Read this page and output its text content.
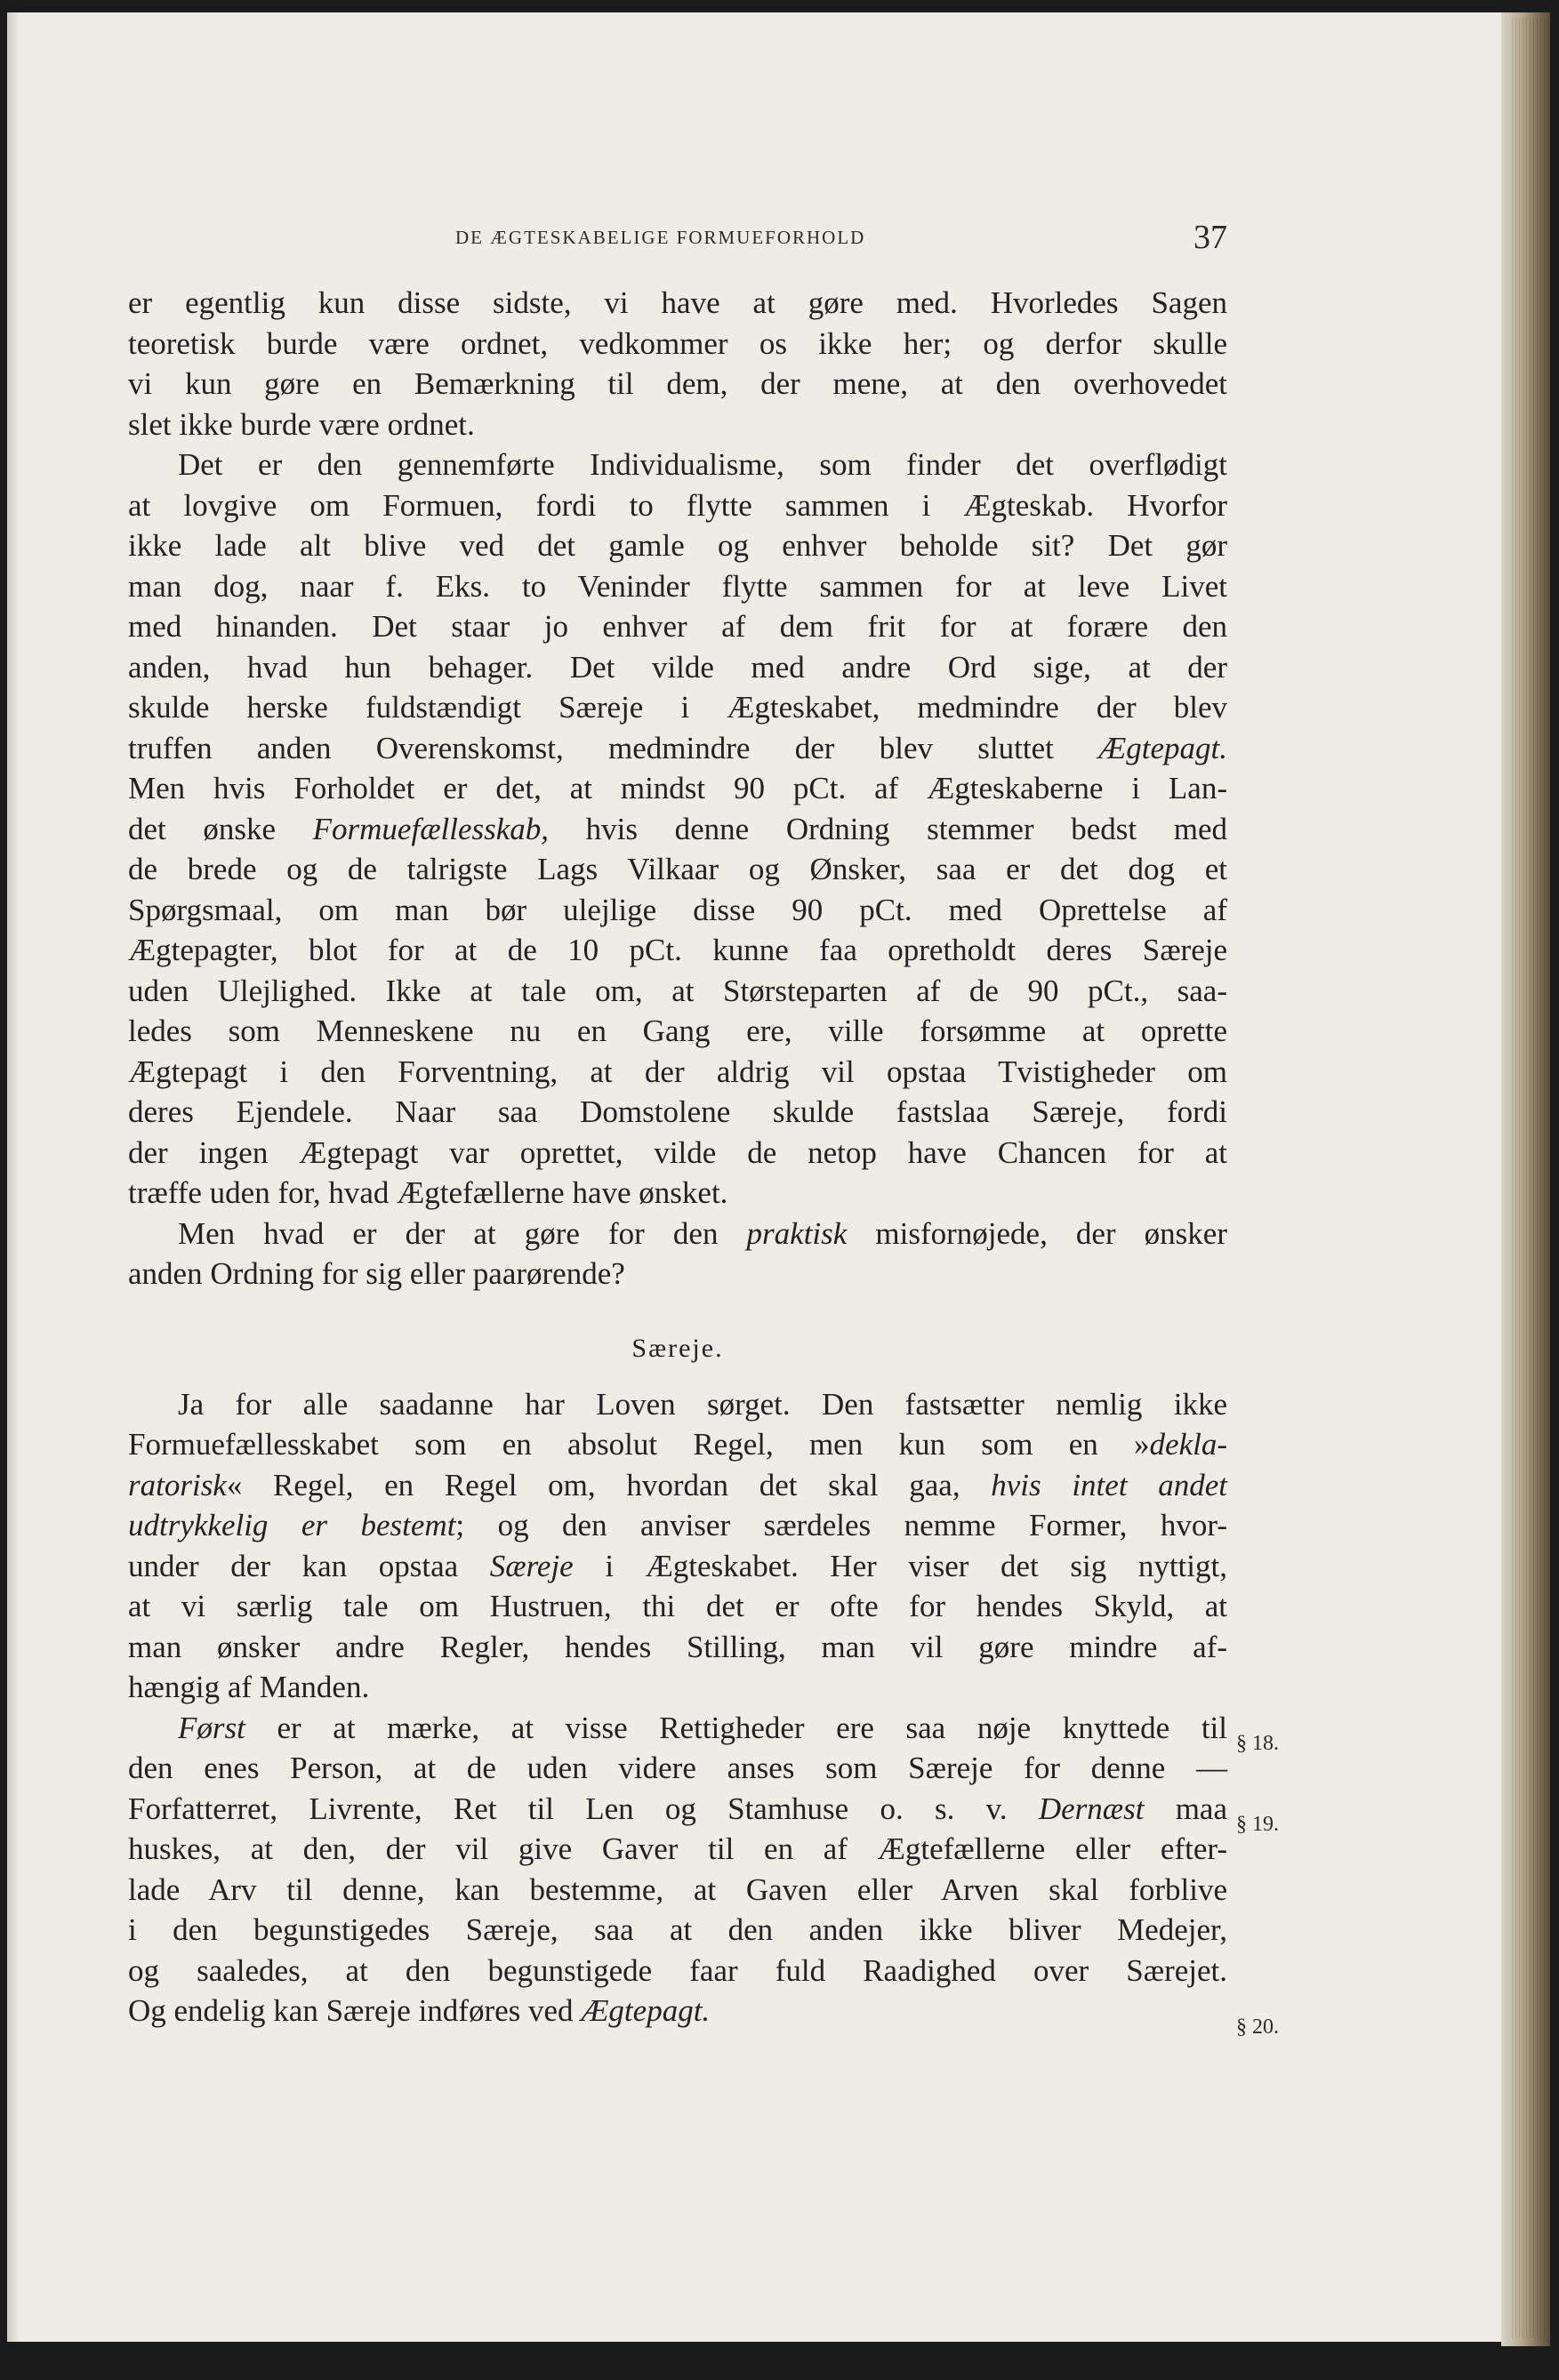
DE ÆGTESKABELIGE FORMUEFORHOLD	37
er egentlig kun disse sidste, vi have at gøre med. Hvorledes Sagen
teoretisk burde være ordnet, vedkommer os ikke her; og derfor skulle
vi kun gøre en Bemærkning til dem, der mene, at den overhovedet
slet ikke burde være ordnet.
Det er den gennemførte Individualisme, som finder det overflødigt
at lovgive om Formuen, fordi to flytte sammen i Ægteskab. Hvorfor
ikke lade alt blive ved det gamle og enhver beholde sit? Det gør
man dog, naar f. Eks. to Veninder flytte sammen for at leve Livet
med hinanden. Det staar jo enhver af dem frit for at forære den
anden, hvad hun behager. Det vilde med andre Ord sige, at der
skulde herske fuldstændigt Særeje i Ægteskabet, medmindre der blev
truffen anden Overenskomst, medmindre der blev sluttet Ægtepagt.
Men hvis Forholdet er det, at mindst 90 pCt. af Ægteskaberne i Lan-
det ønske Formuefællesskab, hvis denne Ordning stemmer bedst med
de brede og de talrigste Lags Vilkaar og Ønsker, saa er det dog et
Spørgsmaal, om man bør ulejlige disse 90 pCt. med Oprettelse af
Ægtepagter, blot for at de 10 pCt. kunne faa opretholdt deres Særeje
uden Ulejlighed. Ikke at tale om, at Størsteparten af de 90 pCt., saa-
ledes som Menneskene nu en Gang ere, ville forsømme at oprette
Ægtepagt i den Forventning, at der aldrig vil opstaa Tvistigheder om
deres Ejendele. Naar saa Domstolene skulde fastslaa Særeje, fordi
der ingen Ægtepagt var oprettet, vilde de netop have Chancen for at
træffe uden for, hvad Ægtefællerne have ønsket.
Men hvad er der at gøre for den praktisk misfornøjede, der ønsker
anden Ordning for sig eller paarørende?
Særeje.
Ja for alle saadanne har Loven sørget. Den fastsætter nemlig ikke
Formuefællesskabet som en absolut Regel, men kun som en »dekla-
ratorisk« Regel, en Regel om, hvordan det skal gaa, hvis intet andet
udtrykkelig er bestemt; og den anviser særdeles nemme Former, hvor-
under der kan opstaa Særeje i Ægteskabet. Her viser det sig nyttigt,
at vi særlig tale om Hustruen, thi det er ofte for hendes Skyld, at
man ønsker andre Regler, hendes Stilling, man vil gøre mindre af-
hængig af Manden.
Først er at mærke, at visse Rettigheder ere saa nøje knyttede til
den enes Person, at de uden videre anses som Særeje for denne —
Forfatterret, Livrente, Ret til Len og Stamhuse o. s. v. Dernæst maa
huskes, at den, der vil give Gaver til en af Ægtefællerne eller efter-
lade Arv til denne, kan bestemme, at Gaven eller Arven skal forblive
i den begunstigedes Særeje, saa at den anden ikke bliver Medejer,
og saaledes, at den begunstigede faar fuld Raadighed over Særejet.
Og endelig kan Særeje indføres ved Ægtepagt.
§ 18.
§ 19.
§ 20.
